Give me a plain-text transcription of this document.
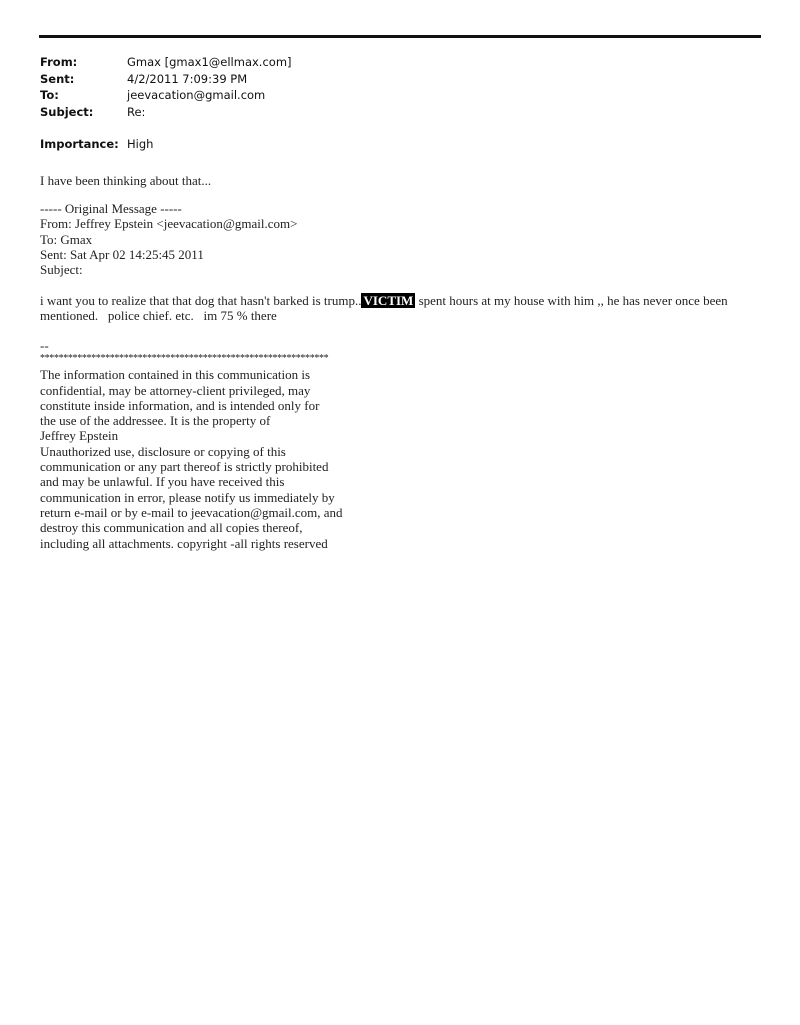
From:	Gmax [gmax1@ellmax.com]
Sent:	4/2/2011 7:09:39 PM
To:	jeevacation@gmail.com
Subject:	Re:
Importance: High
I have been thinking about that...
----- Original Message -----
From: Jeffrey Epstein <jeevacation@gmail.com>
To: Gmax
Sent: Sat Apr 02 14:25:45 2011
Subject:
i want you to realize that that dog that hasn't barked is trump.. VICTIM spent hours at my house with him ,, he has never once been
mentioned.   police chief. etc.   im 75 % there
--
**************************************************************
The information contained in this communication is
confidential, may be attorney-client privileged, may
constitute inside information, and is intended only for
the use of the addressee. It is the property of
Jeffrey Epstein
Unauthorized use, disclosure or copying of this
communication or any part thereof is strictly prohibited
and may be unlawful. If you have received this
communication in error, please notify us immediately by
return e-mail or by e-mail to jeevacation@gmail.com, and
destroy this communication and all copies thereof,
including all attachments. copyright -all rights reserved
